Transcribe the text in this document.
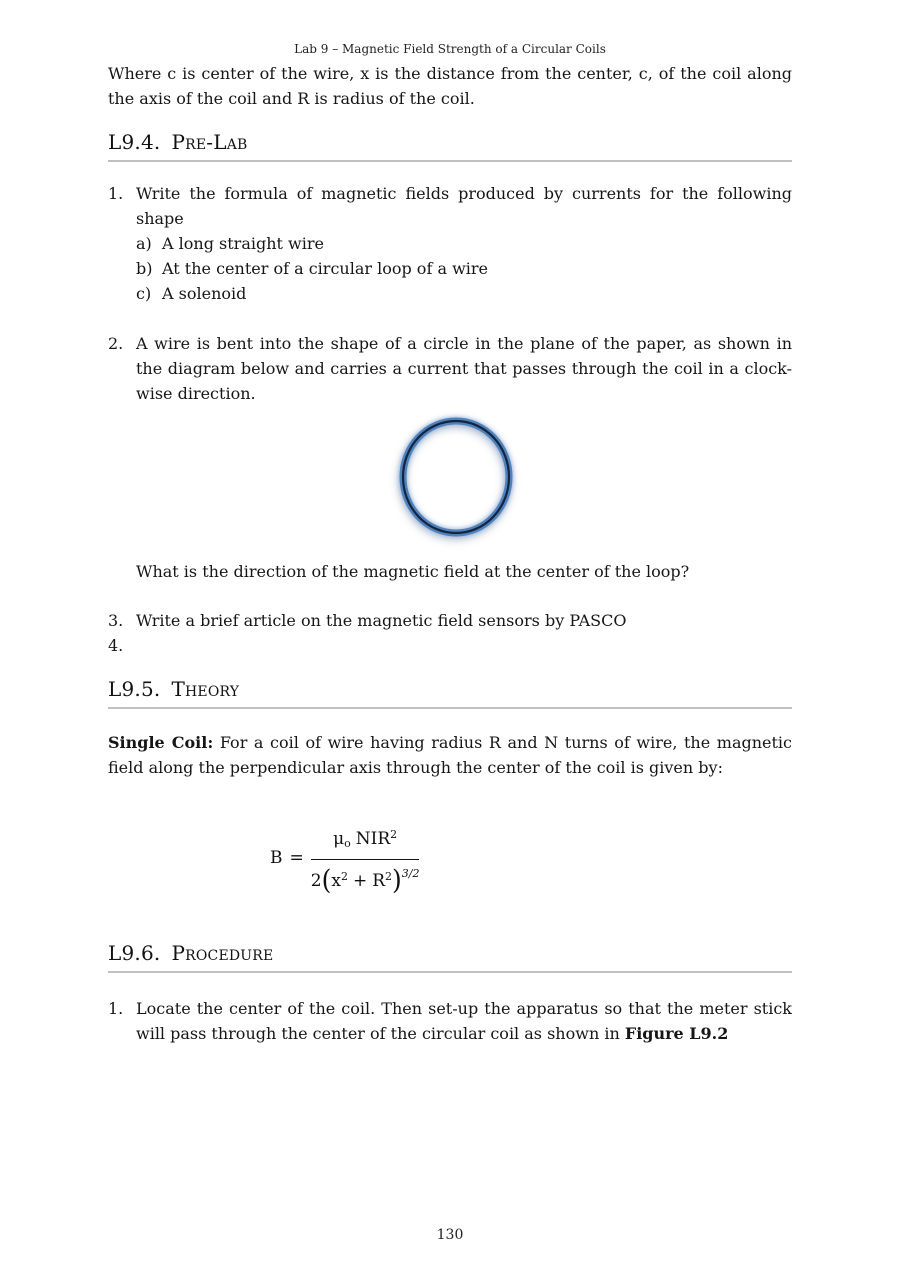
Lab 9 – Magnetic Field Strength of a Circular Coils
Where c is center of the wire, x is the distance from the center, c, of the coil along the axis of the coil and R is radius of the coil.
L9.4. Pre-Lab
1. Write the formula of magnetic fields produced by currents for the following shape
a) A long straight wire
b) At the center of a circular loop of a wire
c) A solenoid
2. A wire is bent into the shape of a circle in the plane of the paper, as shown in the diagram below and carries a current that passes through the coil in a clock-wise direction.
What is the direction of the magnetic field at the center of the loop?
3. Write a brief article on the magnetic field sensors by PASCO
4.
L9.5. Theory
Single Coil: For a coil of wire having radius R and N turns of wire, the magnetic field along the perpendicular axis through the center of the coil is given by:
$B = \frac{\mu_o NIR^2}{2(x^2 + R^2)^{3/2}}$
L9.6. Procedure
1. Locate the center of the coil. Then set-up the apparatus so that the meter stick will pass through the center of the circular coil as shown in Figure L9.2
130
